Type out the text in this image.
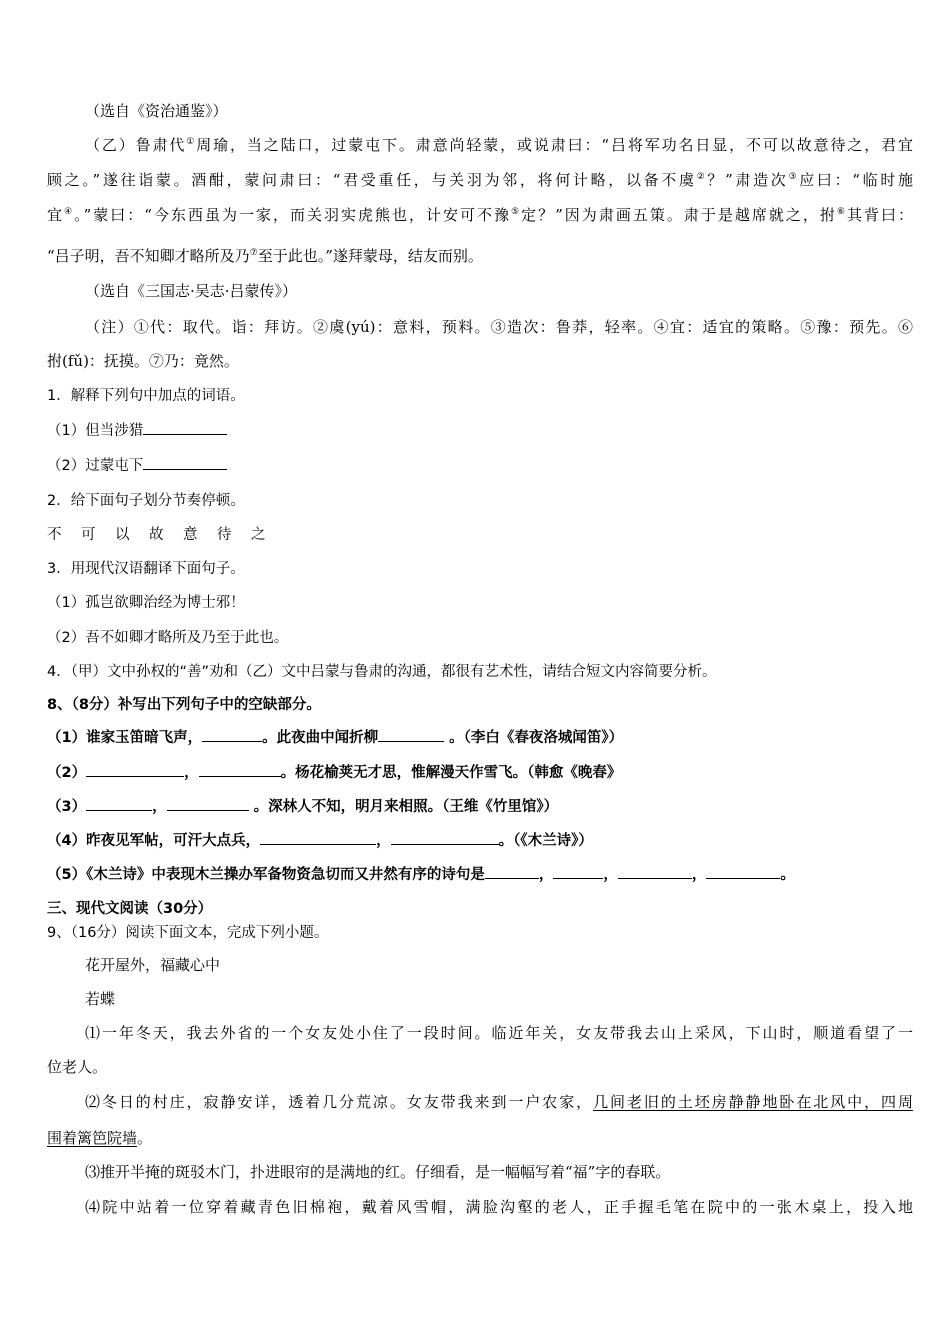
（选自《资治通鉴》）
（乙）鲁肃代①周瑜，当之陆口，过蒙屯下。肃意尚轻蒙，或说肃曰：“吕将军功名日显，不可以故意待之，君宜
顾之。”遂往诣蒙。酒酣，蒙问肃曰：“君受重任，与关羽为邻，将何计略，以备不虞②？”肃造次③应曰：“临时施
宜④。”蒙曰：“今东西虽为一家，而关羽实虎熊也，计安可不豫⑤定？”因为肃画五策。肃于是越席就之，拊⑥其背曰：
“吕子明，吾不知卿才略所及乃⑦至于此也。”遂拜蒙母，结友而别。
（选自《三国志·吴志·吕蒙传》）
（注）①代：取代。诣：拜访。②虞(yú)：意料，预料。③造次：鲁莽，轻率。④宜：适宜的策略。⑤豫：预先。⑥
拊(fǔ)：抚摸。⑦乃：竟然。
1．解释下列句中加点的词语。
（1）但当涉猎
（2）过蒙屯下
2．给下面句子划分节奏停顿。
不 可 以 故 意 待 之
3．用现代汉语翻译下面句子。
（1）孤岂欲卿治经为博士邪！
（2）吾不如卿才略所及乃至于此也。
4．（甲）文中孙权的“善”劝和（乙）文中吕蒙与鲁肃的沟通，都很有艺术性，请结合短文内容简要分析。
8、（8分）补写出下列句子中的空缺部分。
（1）谁家玉笛暗飞声，	。此夜曲中闻折柳	。（李白《春夜洛城闻笛》）
（2）	，	。杨花榆荚无才思，惟解漫天作雪飞。（韩愈《晚春》
（3）	，	。深林人不知，明月来相照。（王维《竹里馆》）
（4）昨夜见军帖，可汗大点兵，	，	。（《木兰诗》）
（5）《木兰诗》中表现木兰操办军备物资急切而又井然有序的诗句是	，	，	，	。
三、现代文阅读（30分）
9、（16分）阅读下面文本，完成下列小题。
花开屋外，福藏心中
若蝶
⑴一年冬天，我去外省的一个女友处小住了一段时间。临近年关，女友带我去山上采风，下山时，顺道看望了一
位老人。
⑵冬日的村庄，寂静安详，透着几分荒凉。女友带我来到一户农家，几间老旧的土坯房静静地卧在北风中，四周
围着篱笆院墙。
⑶推开半掩的斑驳木门，扑进眼帘的是满地的红。仔细看，是一幅幅写着“福”字的春联。
⑷院中站着一位穿着藏青色旧棉袍，戴着风雪帽，满脸沟壑的老人，正手握毛笔在院中的一张木桌上，投入地
